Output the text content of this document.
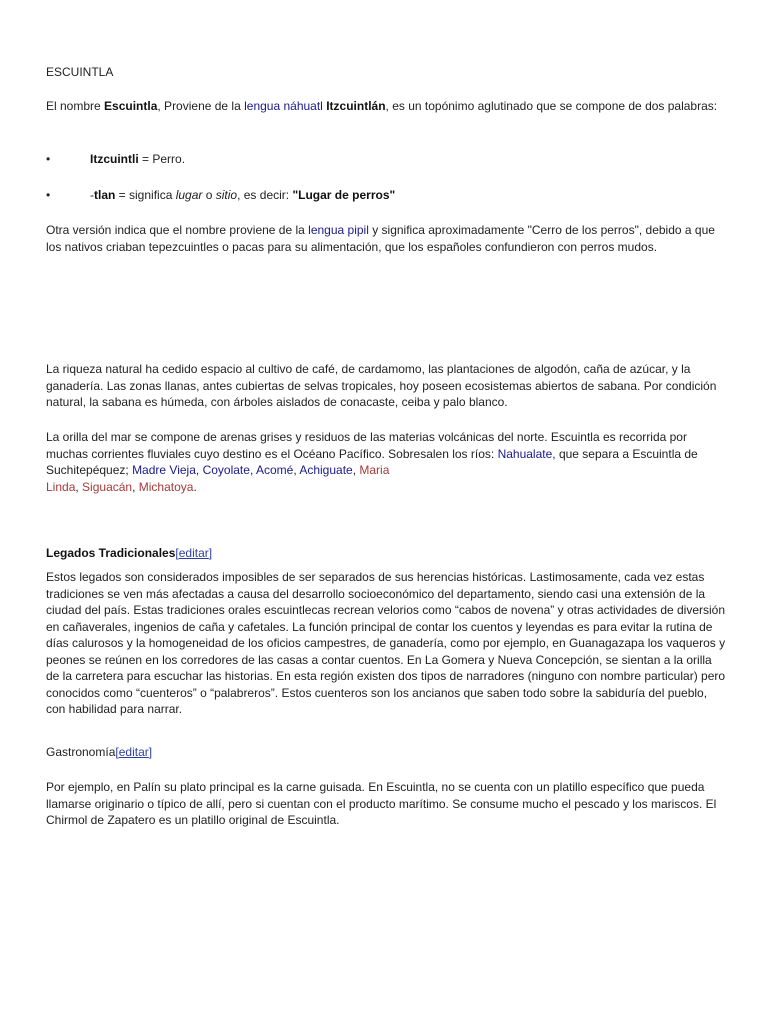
ESCUINTLA
El nombre Escuintla, Proviene de la lengua náhuatl Itzcuintlán, es un topónimo aglutinado que se compone de dos palabras:
•	Itzcuintli = Perro.
•	-tlan = significa lugar o sitio, es decir: "Lugar de perros"
Otra versión indica que el nombre proviene de la lengua pipil y significa aproximadamente "Cerro de los perros", debido a que los nativos criaban tepezcuintles o pacas para su alimentación, que los españoles confundieron con perros mudos.
La riqueza natural ha cedido espacio al cultivo de café, de cardamomo, las plantaciones de algodón, caña de azúcar, y la ganadería. Las zonas llanas, antes cubiertas de selvas tropicales, hoy poseen ecosistemas abiertos de sabana. Por condición natural, la sabana es húmeda, con árboles aislados de conacaste, ceiba y palo blanco.
La orilla del mar se compone de arenas grises y residuos de las materias volcánicas del norte. Escuintla es recorrida por muchas corrientes fluviales cuyo destino es el Océano Pacífico. Sobresalen los ríos: Nahualate, que separa a Escuintla de Suchitepéquez; Madre Vieja, Coyolate, Acomé, Achiguate, Maria
Linda, Siguacán, Michatoya.
Legados Tradicionales[editar]
Estos legados son considerados imposibles de ser separados de sus herencias históricas. Lastimosamente, cada vez estas tradiciones se ven más afectadas a causa del desarrollo socioeconómico del departamento, siendo casi una extensión de la ciudad del país. Estas tradiciones orales escuintlecas recrean velorios como “cabos de novena” y otras actividades de diversión en cañaverales, ingenios de caña y cafetales. La función principal de contar los cuentos y leyendas es para evitar la rutina de días calurosos y la homogeneidad de los oficios campestres, de ganadería, como por ejemplo, en Guanagazapa los vaqueros y peones se reúnen en los corredores de las casas a contar cuentos. En La Gomera y Nueva Concepción, se sientan a la orilla de la carretera para escuchar las historias. En esta región existen dos tipos de narradores (ninguno con nombre particular) pero conocidos como “cuenteros” o “palabreros”. Estos cuenteros son los ancianos que saben todo sobre la sabiduría del pueblo, con habilidad para narrar.
Gastronomía[editar]
Por ejemplo, en Palín su plato principal es la carne guisada. En Escuintla, no se cuenta con un platillo específico que pueda llamarse originario o típico de allí, pero si cuentan con el producto marítimo. Se consume mucho el pescado y los mariscos. El Chirmol de Zapatero es un platillo original de Escuintla.
